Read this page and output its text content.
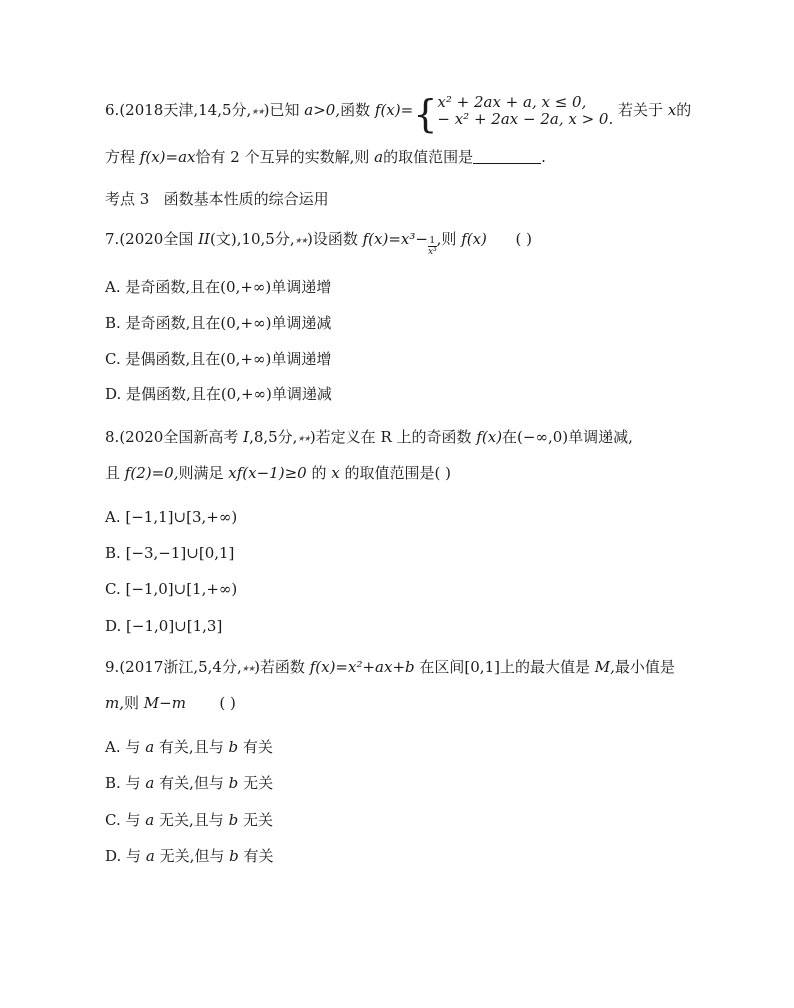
6.(2018天津,14,5分,★★)已知 a>0,函数 f(x)={ x² + 2ax + a, x ≤ 0,
− x² + 2ax − 2a, x > 0. 若关于 x的
方程 f(x)=ax恰有 2 个互异的实数解,则 a的取值范围是	.
考点 3 函数基本性质的综合运用
7.(2020全国 II(文),10,5分,★★)设函数 $f(x)=x^3- \frac{1}{\text{x³}}$ ,则 f(x) ( )
A. 是奇函数,且在(0,+∞)单调递增
B. 是奇函数,且在(0,+∞)单调递减
C. 是偶函数,且在(0,+∞)单调递增
D. 是偶函数,且在(0,+∞)单调递减
8.(2020全国新高考 I,8,5分,★★)若定义在 R 上的奇函数 f(x)在(−∞,0)单调递减,
且 f(2)=0,则满足 xf(x−1)≥0 的 x 的取值范围是( )
A. [−1,1]∪[3,+∞)
B. [−3,−1]∪[0,1]
C. [−1,0]∪[1,+∞)
D. [−1,0]∪[1,3]
9.(2017浙江,5,4分,★★)若函数 f(x)=x²+ax+b 在区间[0,1]上的最大值是 M,最小值是
m,则 M−m ( )
A. 与 a 有关,且与 b 有关
B. 与 a 有关,但与 b 无关
C. 与 a 无关,且与 b 无关
D. 与 a 无关,但与 b 有关
